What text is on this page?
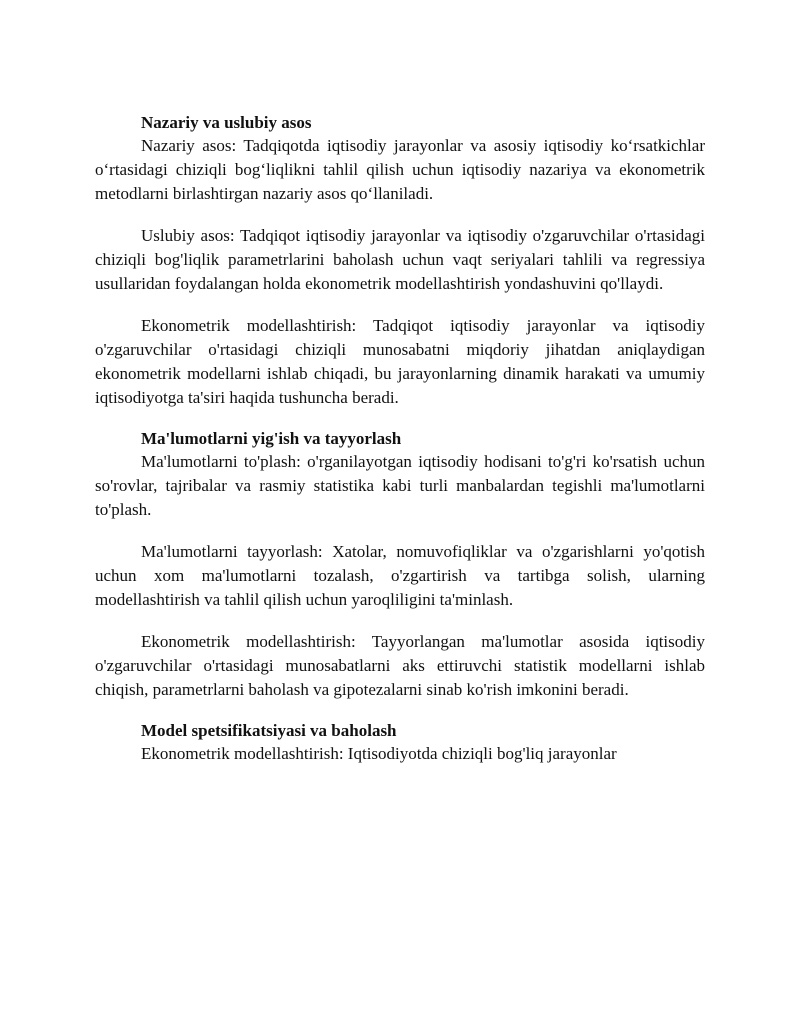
Nazariy va uslubiy asos

Nazariy asos: Tadqiqotda iqtisodiy jarayonlar va asosiy iqtisodiy ko‘rsatkichlar o‘rtasidagi chiziqli bog‘liqlikni tahlil qilish uchun iqtisodiy nazariya va ekonometrik metodlarni birlashtirgan nazariy asos qo‘llaniladi.

Uslubiy asos: Tadqiqot iqtisodiy jarayonlar va iqtisodiy o'zgaruvchilar o'rtasidagi chiziqli bog'liqlik parametrlarini baholash uchun vaqt seriyalari tahlili va regressiya usullaridan foydalangan holda ekonometrik modellashtirish yondashuvini qo'llaydi.

Ekonometrik modellashtirish: Tadqiqot iqtisodiy jarayonlar va iqtisodiy o'zgaruvchilar o'rtasidagi chiziqli munosabatni miqdoriy jihatdan aniqlaydigan ekonometrik modellarni ishlab chiqadi, bu jarayonlarning dinamik harakati va umumiy iqtisodiyotga ta'siri haqida tushuncha beradi.

Ma'lumotlarni yig'ish va tayyorlash

Ma'lumotlarni to'plash: o'rganilayotgan iqtisodiy hodisani to'g'ri ko'rsatish uchun so'rovlar, tajribalar va rasmiy statistika kabi turli manbalardan tegishli ma'lumotlarni to'plash.

Ma'lumotlarni tayyorlash: Xatolar, nomuvofiqliklar va o'zgarishlarni yo'qotish uchun xom ma'lumotlarni tozalash, o'zgartirish va tartibga solish, ularning modellashtirish va tahlil qilish uchun yaroqliligini ta'minlash.

Ekonometrik modellashtirish: Tayyorlangan ma'lumotlar asosida iqtisodiy o'zgaruvchilar o'rtasidagi munosabatlarni aks ettiruvchi statistik modellarni ishlab chiqish, parametrlarni baholash va gipotezalarni sinab ko'rish imkonini beradi.

Model spetsifikatsiyasi va baholash

Ekonometrik modellashtirish: Iqtisodiyotda chiziqli bog'liq jarayonlar
